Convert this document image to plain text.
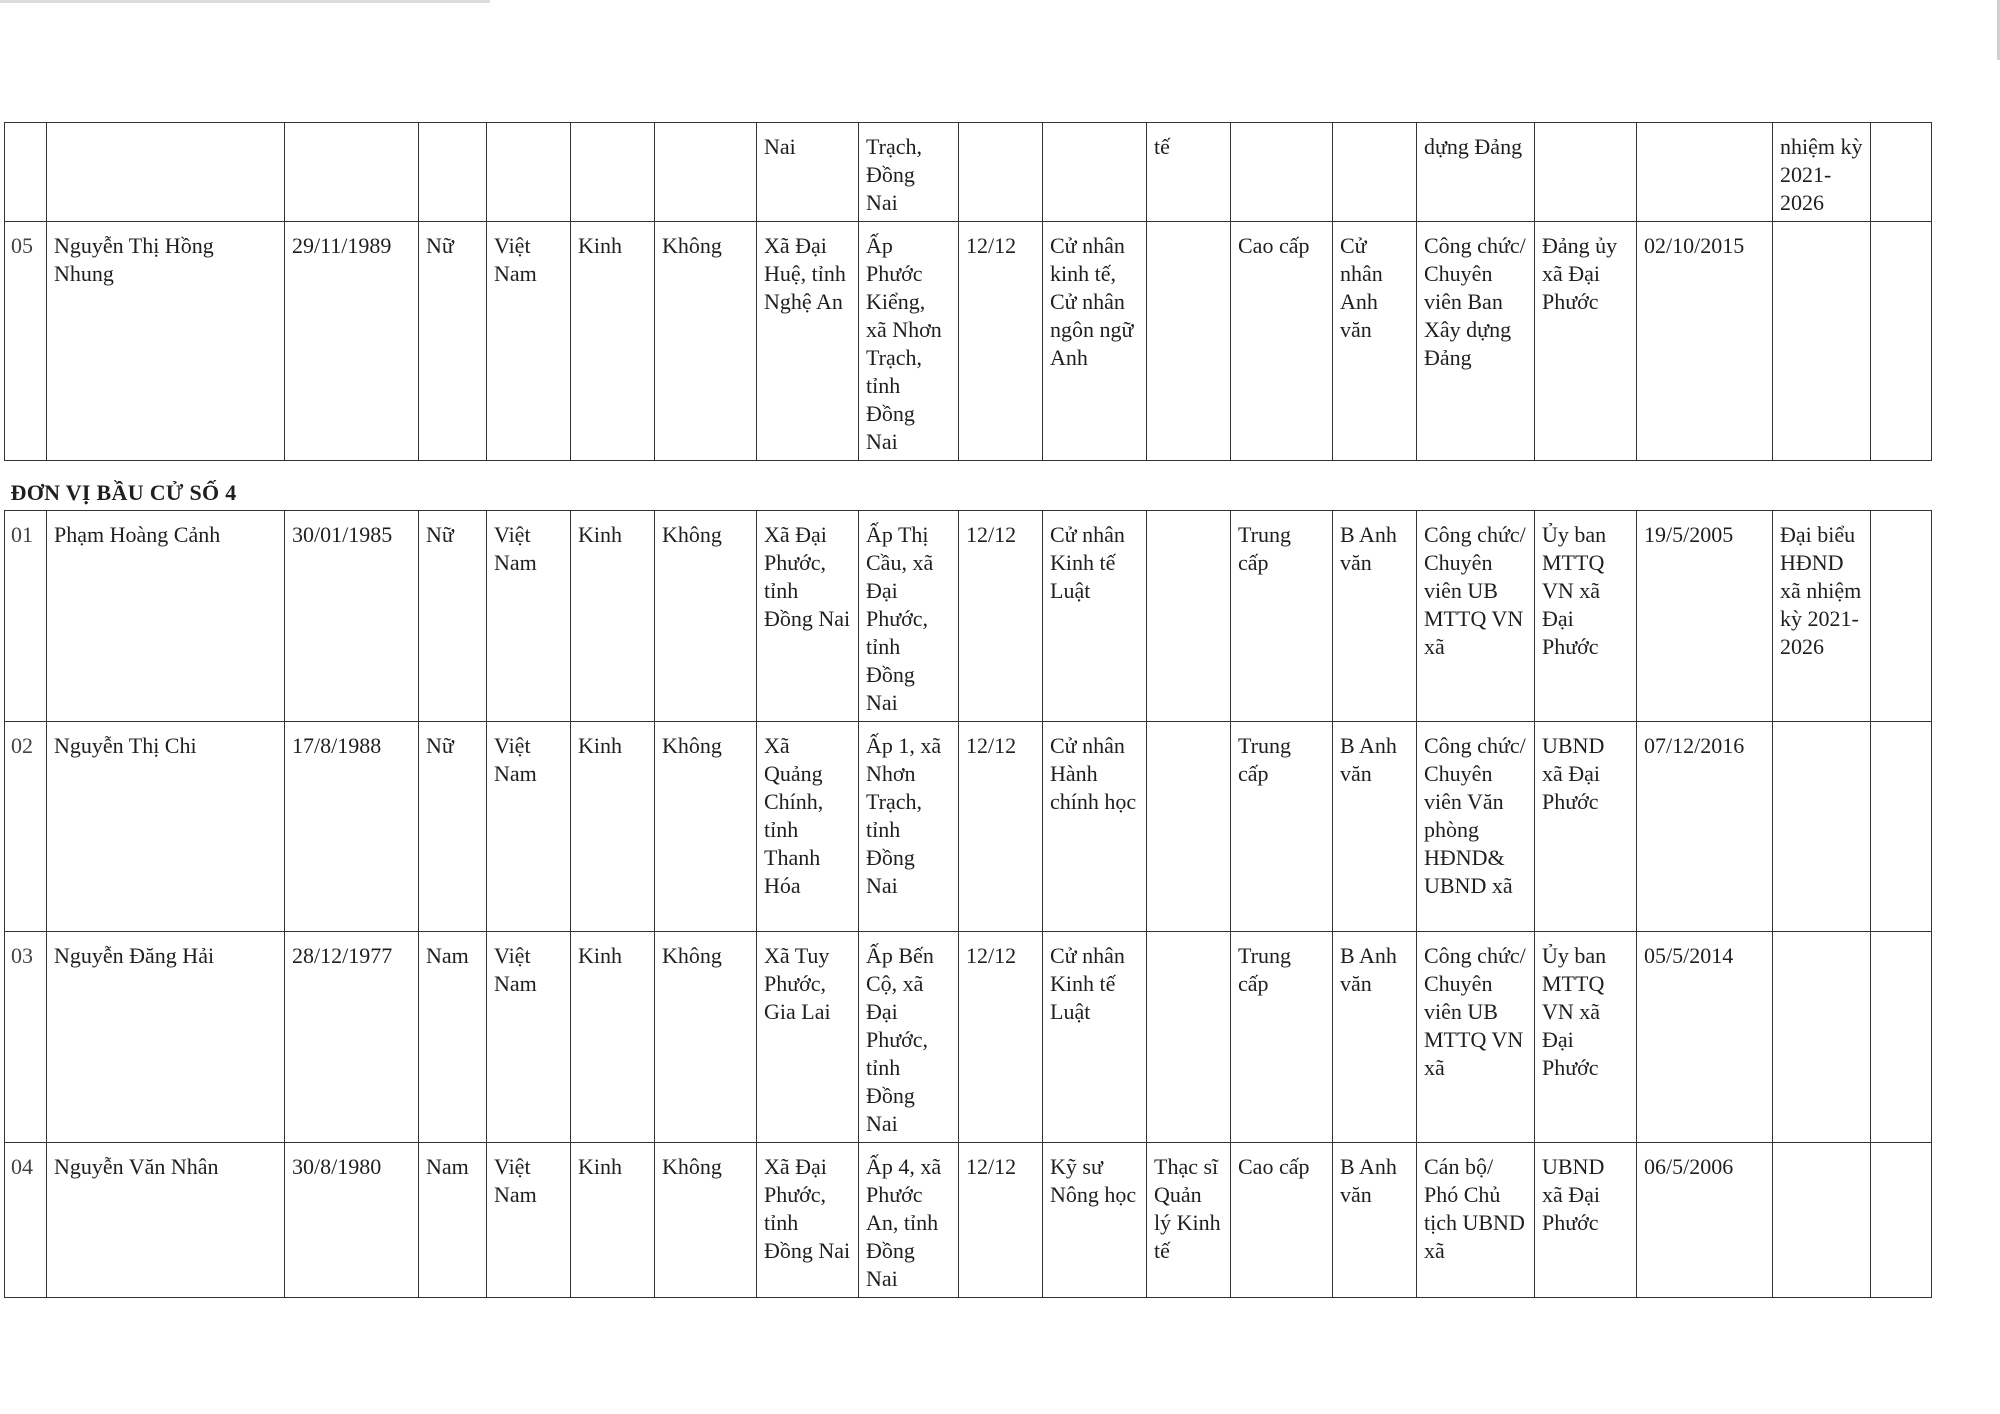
							Nai	Trạch, Đồng Nai			tế			dựng Đảng			nhiệm kỳ 2021-2026	
05	Nguyễn Thị Hồng Nhung	29/11/1989	Nữ	Việt Nam	Kinh	Không	Xã Đại Huệ, tỉnh Nghệ An	Ấp Phước Kiểng, xã Nhơn Trạch, tỉnh Đồng Nai	12/12	Cử nhân kinh tế, Cử nhân ngôn ngữ Anh		Cao cấp	Cử nhân Anh văn	Công chức/ Chuyên viên Ban Xây dựng Đảng	Đảng ủy xã Đại Phước	02/10/2015		
ĐƠN VỊ BẦU CỬ SỐ 4																		
01	Phạm Hoàng Cảnh	30/01/1985	Nữ	Việt Nam	Kinh	Không	Xã Đại Phước, tỉnh Đồng Nai	Ấp Thị Cầu, xã Đại Phước, tỉnh Đồng Nai	12/12	Cử nhân Kinh tế Luật		Trung cấp	B Anh văn	Công chức/ Chuyên viên UB MTTQ VN xã	Ủy ban MTTQ VN xã Đại Phước	19/5/2005	Đại biểu HĐND xã nhiệm kỳ 2021-2026	
02	Nguyễn Thị Chi	17/8/1988	Nữ	Việt Nam	Kinh	Không	Xã Quảng Chính, tỉnh Thanh Hóa	Ấp 1, xã Nhơn Trạch, tỉnh Đồng Nai	12/12	Cử nhân Hành chính học		Trung cấp	B Anh văn	Công chức/ Chuyên viên Văn phòng HĐND& UBND xã	UBND xã Đại Phước	07/12/2016		
03	Nguyễn Đăng Hải	28/12/1977	Nam	Việt Nam	Kinh	Không	Xã Tuy Phước, Gia Lai	Ấp Bến Cộ, xã Đại Phước, tỉnh Đồng Nai	12/12	Cử nhân Kinh tế Luật		Trung cấp	B Anh văn	Công chức/ Chuyên viên UB MTTQ VN xã	Ủy ban MTTQ VN xã Đại Phước	05/5/2014		
04	Nguyễn Văn Nhân	30/8/1980	Nam	Việt Nam	Kinh	Không	Xã Đại Phước, tỉnh Đồng Nai	Ấp 4, xã Phước An, tỉnh Đồng Nai	12/12	Kỹ sư Nông học	Thạc sĩ Quản lý Kinh tế	Cao cấp	B Anh văn	Cán bộ/ Phó Chủ tịch UBND xã	UBND xã Đại Phước	06/5/2006		
